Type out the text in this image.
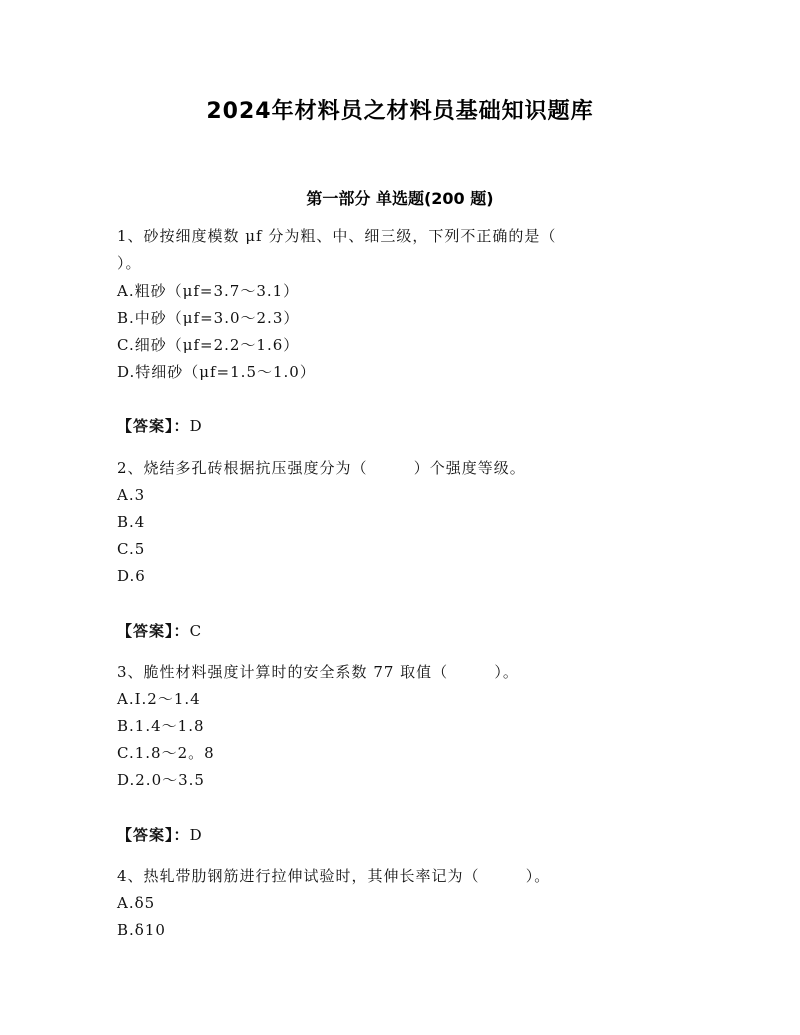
2024年材料员之材料员基础知识题库
第一部分 单选题(200 题)
1、砂按细度模数 μf 分为粗、中、细三级，下列不正确的是（
）。
A.粗砂（μf=3.7～3.1）
B.中砂（μf=3.0～2.3）
C.细砂（μf=2.2～1.6）
D.特细砂（μf=1.5～1.0）
【答案】：D
2、烧结多孔砖根据抗压强度分为（        ）个强度等级。
A.3
B.4
C.5
D.6
【答案】：C
3、脆性材料强度计算时的安全系数 77 取值（        ）。
A.I.2～1.4
B.1.4～1.8
C.1.8～2。8
D.2.0～3.5
【答案】：D
4、热轧带肋钢筋进行拉伸试验时，其伸长率记为（        ）。
A.δ5
B.δ10
